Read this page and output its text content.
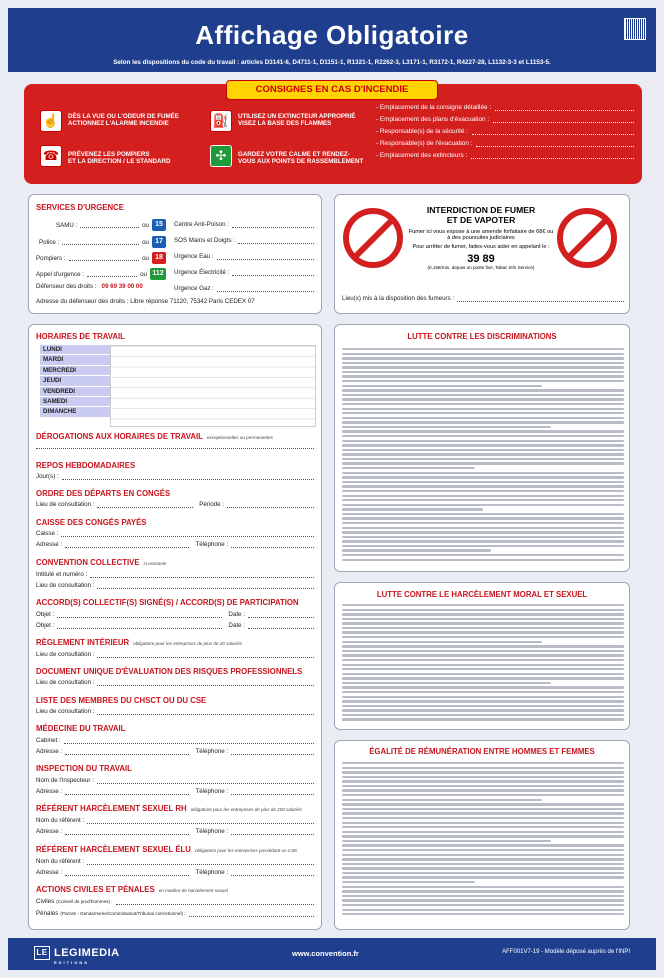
Affichage Obligatoire
Selon les dispositions du code du travail : articles D3141-6, D4711-1, D1151-1, R1321-1, R2262-3, L3171-1, R3172-1, R4227-28, L1132-3-3 et L1153-5.
CONSIGNES EN CAS D'INCENDIE
☝	DÈS LA VUE OU L'ODEUR DE FUMÉE
ACTIONNEZ L'ALARME INCENDIE
☎	PRÉVENEZ LES POMPIERS
ET LA DIRECTION / LE STANDARD
⛽	UTILISEZ UN EXTINCTEUR APPROPRIÉ
VISEZ LA BASE DES FLAMMES
✣	GARDEZ VOTRE CALME ET RENDEZ-
VOUS AUX POINTS DE RASSEMBLEMENT
- Emplacement de la consigne détaillée :
- Emplacement des plans d'évacuation :
- Responsable(s) de la sécurité :
- Responsable(s) de l'évacuation :
- Emplacement des extincteurs :
SERVICES D'URGENCE
SAMU :	ou 15
Police :	ou 17
Pompiers :	ou 18
Appel d'urgence :	ou 112
Centre Anti-Poison :
SOS Mains et Doigts :
Urgence Eau :
Urgence Électricité :
Urgence Gaz :
Défenseur des droits : 09 69 39 00 00
Adresse du défenseur des droits : Libre réponse 71120, 75342 Paris CEDEX 07
INTERDICTION DE FUMER
ET DE VAPOTER
Fumer ici vous expose à une amende forfaitaire de 68€ ou à des poursuites judiciaires
Pour arrêter de fumer, faites-vous aider en appelant le :
39 89
(0,15€/min, depuis un poste fixe, Tabac Info Service)
Lieu(x) mis à la disposition des fumeurs :
HORAIRES DE TRAVAIL
LUNDI
MARDI
MERCREDI
JEUDI
VENDREDI
SAMEDI
DIMANCHE
DÉROGATIONS AUX HORAIRES DE TRAVAIL exceptionnelles ou permanentes
REPOS HEBDOMADAIRES
Jour(s) :
ORDRE DES DÉPARTS EN CONGÉS
Lieu de consultation :	Période :
CAISSE DES CONGÉS PAYÉS
Caisse :
Adresse :	Téléphone :
CONVENTION COLLECTIVE si existante
Intitulé et numéro :
Lieu de consultation :
ACCORD(S) COLLECTIF(S) SIGNÉ(S) / ACCORD(S) DE PARTICIPATION
Objet :	Date :
Objet :	Date :
RÈGLEMENT INTÉRIEUR obligatoire pour les entreprises de plus de 20 salariés
Lieu de consultation :
DOCUMENT UNIQUE D'ÉVALUATION DES RISQUES PROFESSIONNELS
Lieu de consultation :
LISTE DES MEMBRES DU CHSCT OU DU CSE
Lieu de consultation :
MÉDECINE DU TRAVAIL
Cabinet :
Adresse :	Téléphone :
INSPECTION DU TRAVAIL
Nom de l'inspecteur :
Adresse :	Téléphone :
RÉFÉRENT HARCÈLEMENT SEXUEL RH obligatoire pour les entreprises de plus de 250 salariés
Nom du référent :
Adresse :	Téléphone :
RÉFÉRENT HARCÈLEMENT SEXUEL ÉLU obligatoire pour les entreprises possédant un CSE
Nom du référent :
Adresse :	Téléphone :
ACTIONS CIVILES ET PÉNALES en matière de harcèlement sexuel
Civiles (Conseil de prud'hommes) :
Pénales (Parcits - Gendarmerie/Commissariat/Tribunal correctionnel) :
LUTTE CONTRE LES DISCRIMINATIONS
LUTTE CONTRE LE HARCÈLEMENT MORAL ET SEXUEL
ÉGALITÉ DE RÉMUNÉRATION ENTRE HOMMES ET FEMMES
LE LEGIMEDIA
EDITIONS
www.convention.fr	AFF001V7-19 - Modèle déposé auprès de l'INPI
